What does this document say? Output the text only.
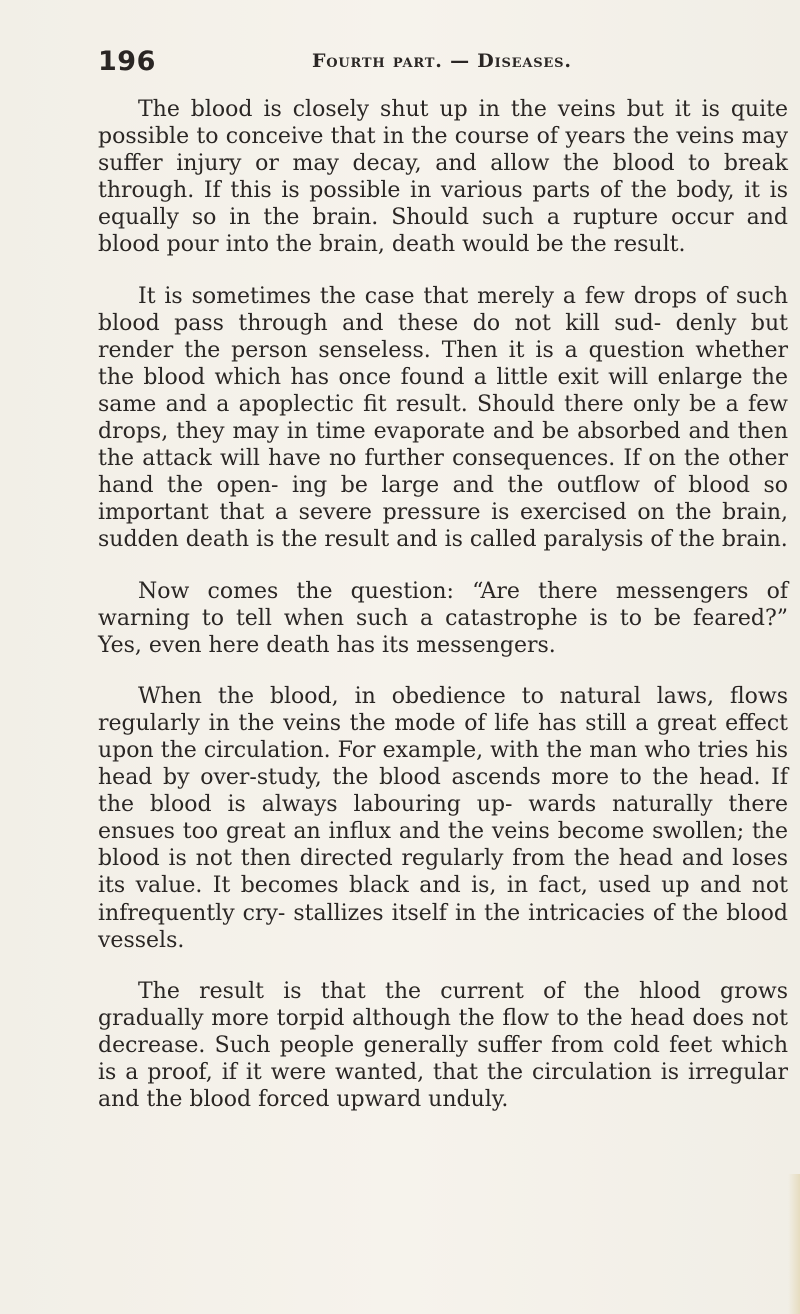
196	Fourth part. — Diseases.

The blood is closely shut up in the veins but it is quite possible to conceive that in the course of years the veins may suffer injury or may decay, and allow the blood to break through. If this is possible in various parts of the body, it is equally so in the brain. Should such a rupture occur and blood pour into the brain, death would be the result.

It is sometimes the case that merely a few drops of such blood pass through and these do not kill sud- denly but render the person senseless. Then it is a question whether the blood which has once found a little exit will enlarge the same and a apoplectic fit result. Should there only be a few drops, they may in time evaporate and be absorbed and then the attack will have no further consequences. If on the other hand the open- ing be large and the outflow of blood so important that a severe pressure is exercised on the brain, sudden death is the result and is called paralysis of the brain.

Now comes the question: “Are there messengers of warning to tell when such a catastrophe is to be feared?” Yes, even here death has its messengers.

When the blood, in obedience to natural laws, flows regularly in the veins the mode of life has still a great effect upon the circulation. For example, with the man who tries his head by over-study, the blood ascends more to the head. If the blood is always labouring up- wards naturally there ensues too great an influx and the veins become swollen; the blood is not then directed regularly from the head and loses its value. It becomes black and is, in fact, used up and not infrequently cry- stallizes itself in the intricacies of the blood vessels.

The result is that the current of the hlood grows gradually more torpid although the flow to the head does not decrease. Such people generally suffer from cold feet which is a proof, if it were wanted, that the circulation is irregular and the blood forced upward unduly.
